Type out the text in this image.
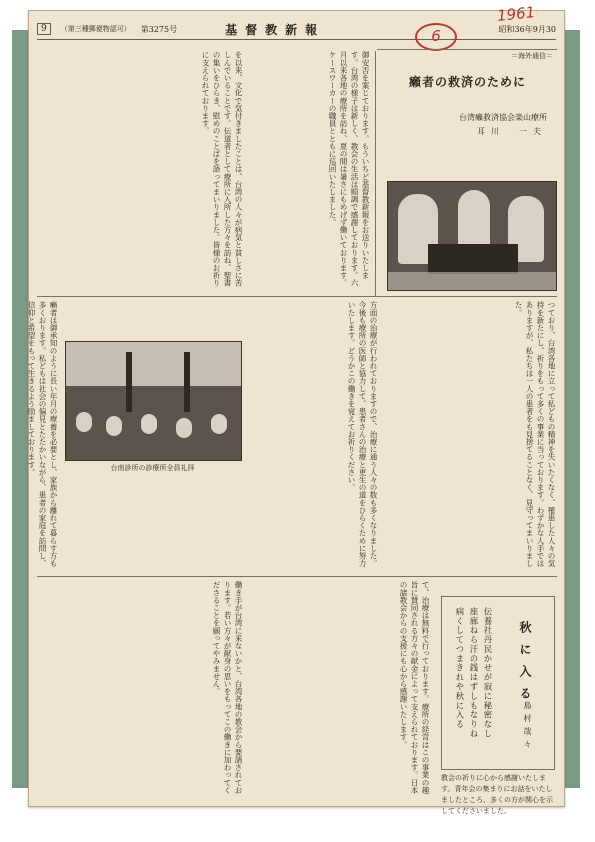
9	（第三種郵便物認可） 第3275号	基督教新報	昭和36年9月30
1961
6
＝海外通信＝
癩者の救済のために
台湾癩救済協会楽山療所
耳川　一夫
台南診所の診療所全員礼拝	つており、台湾各地に立って私どもの精神を失いたくなく、罹患した人々の気持を新たにし、祈りをもって多くの事業に当っております。わずかな人手ではありますが、私たちは一人の患者をも見捨てることなく、見守ってまいりました。
御安否を案じております。もういちど基督教新報をお送りいたします。台湾の様子は新しく、教会の生活は順調で感謝しております。六月以来各地の療所を訪ね、夏の間は暑さにもめげず働いております。ケースワーカーの職員とともに巡回いたしました。
を以来、文化で気付きましたことは、台湾の人々が病気と貧しさに苦しんでいることです。伝道者として療所に入所した方々を訪ね、聖書の集いをひらき、慰めのことばを語ってまいりました。皆様のお祈りに支えられております。
方面の治療が行われておりますので、治療に通う人々の数も多くなりました。今後も療所の医師と協力して、患者さんの治療と更生の道をひらくために努力いたします。どうかこの働きを覚えてお祈りください。
癩者は御承知のように長い年月の療養を必要とし、家族から離れて暮らす方も多くおります。私どもは社会の偏見とたたかいながら、患者の家庭を訪問し、信仰と希望をもって生きるよう励ましております。
て、治療は無料で行っております。療所の経営はこの事業の趣旨に賛同される方々の献金によって支えられております。日本の諸教会からの支援にも心から感謝いたします。
働き手が台湾に来ないかと、台湾各地の教会から要請されております。若い方々が献身の思いをもってこの働きに加わってくださることを願ってやみません。
教会の祈りに心から感謝いたします。青年会の集まりにお話をいたしましたところ、多くの方が関心を示してくださいました。
秋に入る
島村哉々
伝養社丹民かせが寂に秘密なし
座廊ねら汗の銭はずしもなりね
病くしてつまきれや秋に入る
